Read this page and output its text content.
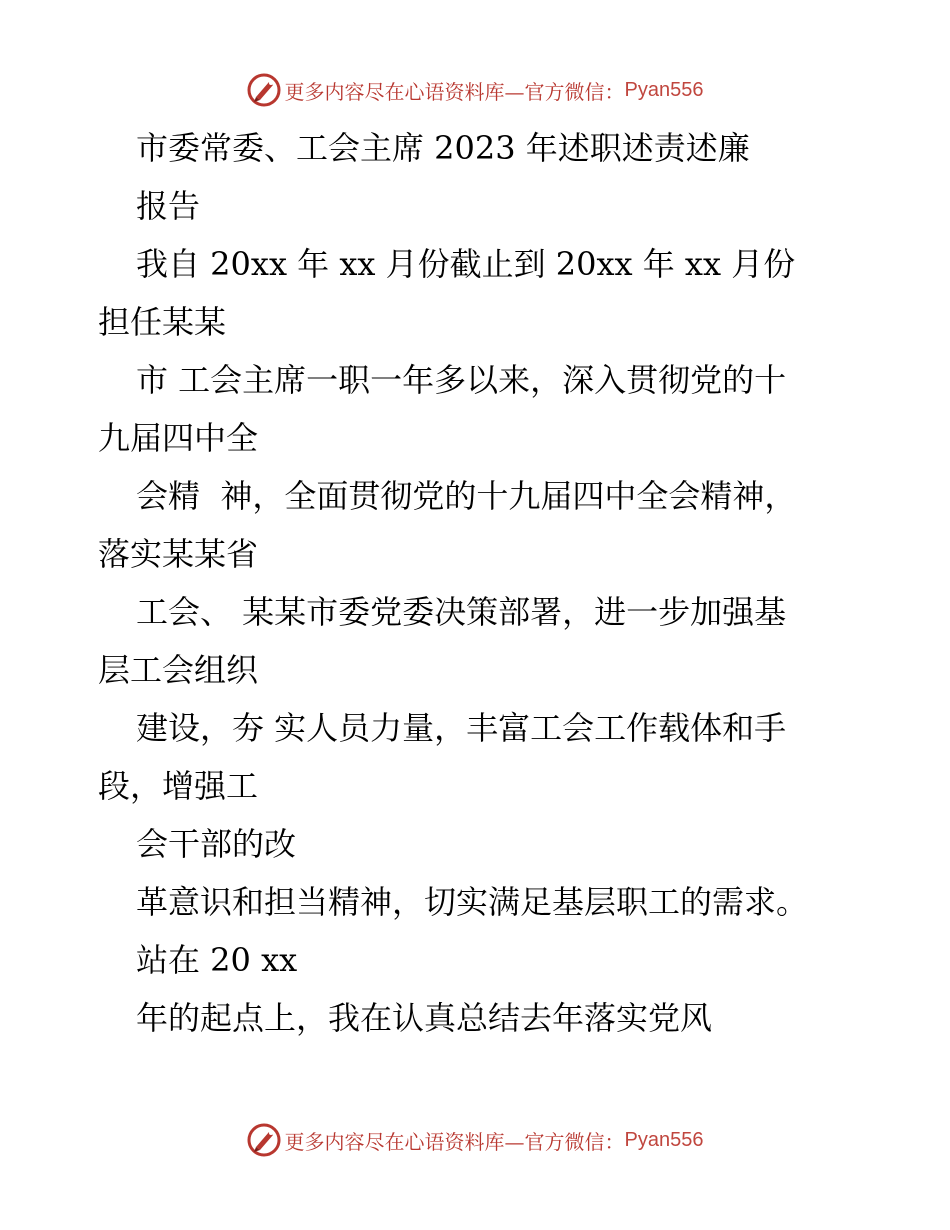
更多内容尽在心语资料库—官方微信： Pyan556
市委常委、工会主席 2023 年述职述责述廉
报告
我自 20xx 年 xx 月份截止到 20xx 年 xx 月份
担任某某
市 工会主席一职一年多以来，深入贯彻党的十
九届四中全
会精  神，全面贯彻党的十九届四中全会精神，
落实某某省
工会、 某某市委党委决策部署，进一步加强基
层工会组织
建设，夯 实人员力量，丰富工会工作载体和手
段，增强工
会干部的改
革意识和担当精神，切实满足基层职工的需求。
站在 20 xx
年的起点上，我在认真总结去年落实党风
更多内容尽在心语资料库—官方微信： Pyan556
